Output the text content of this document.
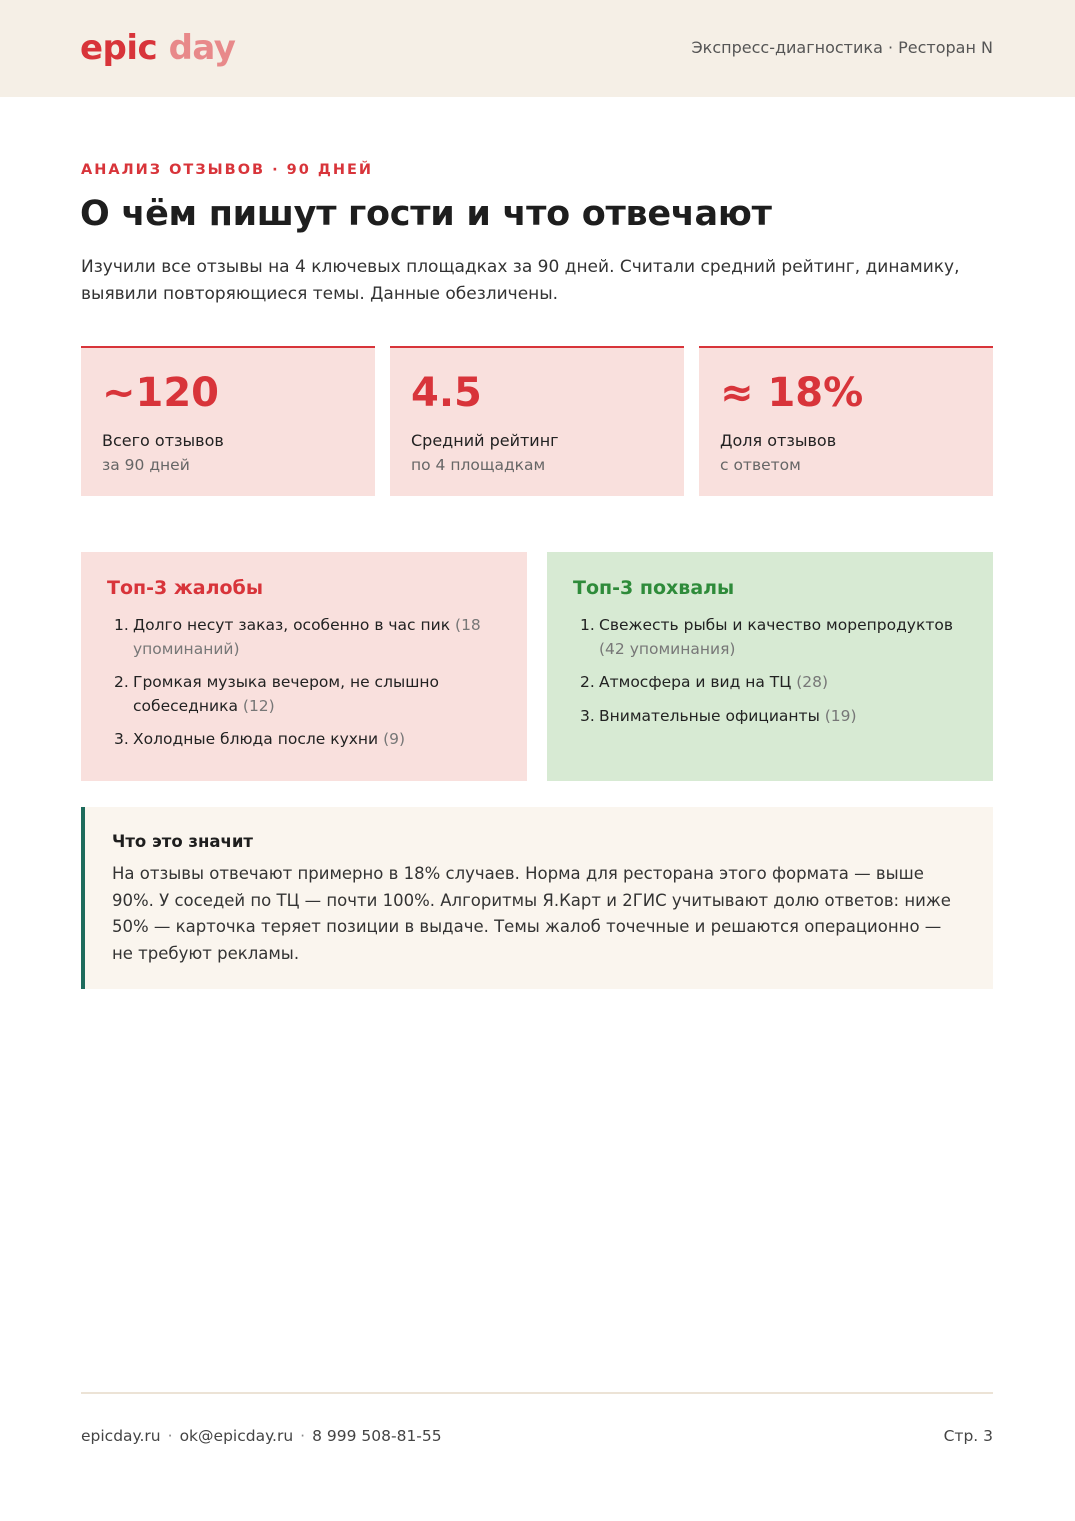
epic day	Экспресс-диагностика · Ресторан N
АНАЛИЗ ОТЗЫВОВ · 90 ДНЕЙ
О чём пишут гости и что отвечают

Изучили все отзывы на 4 ключевых площадках за 90 дней. Считали средний рейтинг, динамику, выявили повторяющиеся темы. Данные обезличены.

~120
Всего отзывов
за 90 дней
4.5
Средний рейтинг
по 4 площадкам
≈ 18%
Доля отзывов
с ответом
Топ-3 жалобы
1. Долго несут заказ, особенно в час пик (18 упоминаний)
2. Громкая музыка вечером, не слышно собеседника (12)
3. Холодные блюда после кухни (9)
Топ-3 похвалы
1. Свежесть рыбы и качество морепродуктов (42 упоминания)
2. Атмосфера и вид на ТЦ (28)
3. Внимательные официанты (19)
Что это значит

На отзывы отвечают примерно в 18% случаев. Норма для ресторана этого формата — выше 90%. У соседей по ТЦ — почти 100%. Алгоритмы Я.Карт и 2ГИС учитывают долю ответов: ниже 50% — карточка теряет позиции в выдаче. Темы жалоб точечные и решаются операционно — не требуют рекламы.

epicday.ru · ok@epicday.ru · 8 999 508-81-55	Стр. 3
